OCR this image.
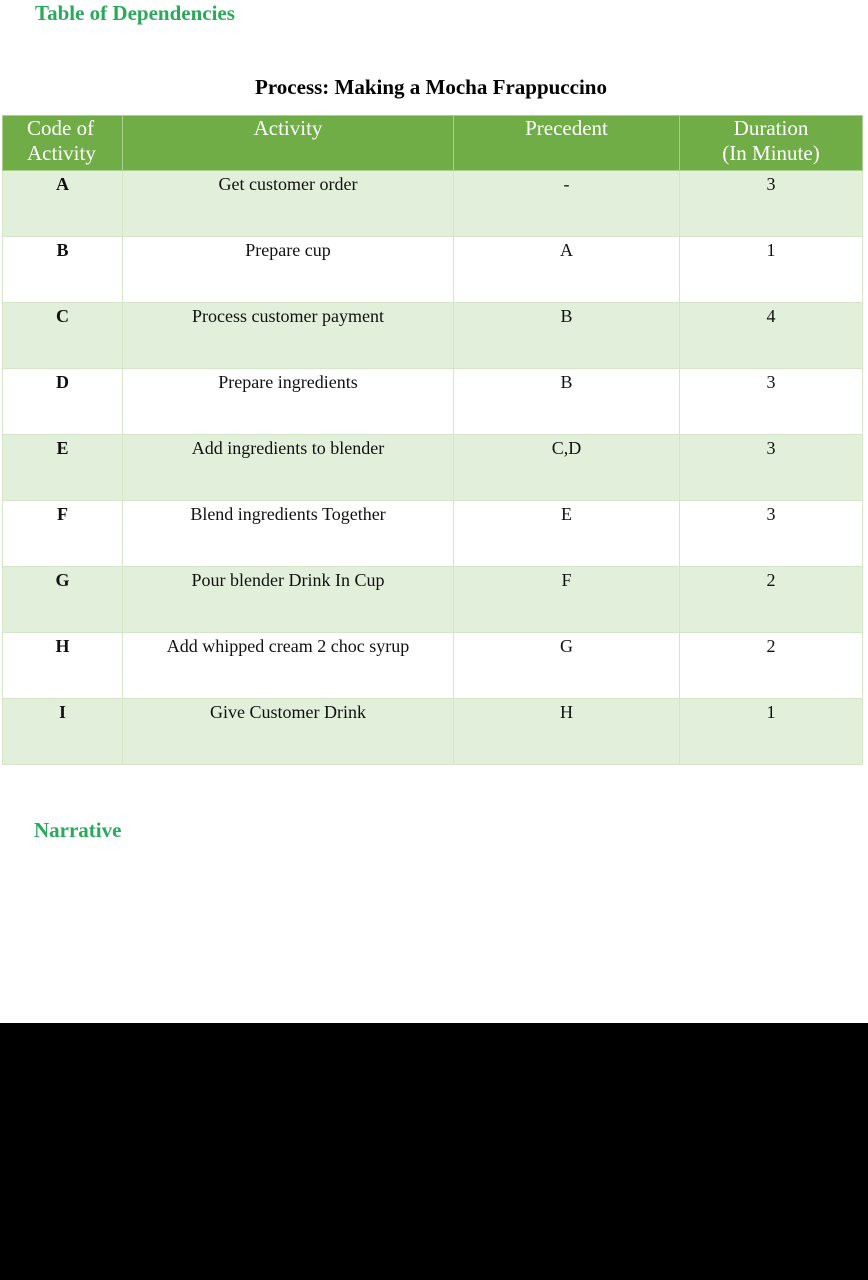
Table of Dependencies
Process: Making a Mocha Frappuccino
Code of
Activity	Activity	Precedent	Duration
(In Minute)
A	Get customer order	-	3
B	Prepare cup	A	1
C	Process customer payment	B	4
D	Prepare ingredients	B	3
E	Add ingredients to blender	C,D	3
F	Blend ingredients Together	E	3
G	Pour blender Drink In Cup	F	2
H	Add whipped cream 2 choc syrup	G	2
I	Give Customer Drink	H	1
Narrative
